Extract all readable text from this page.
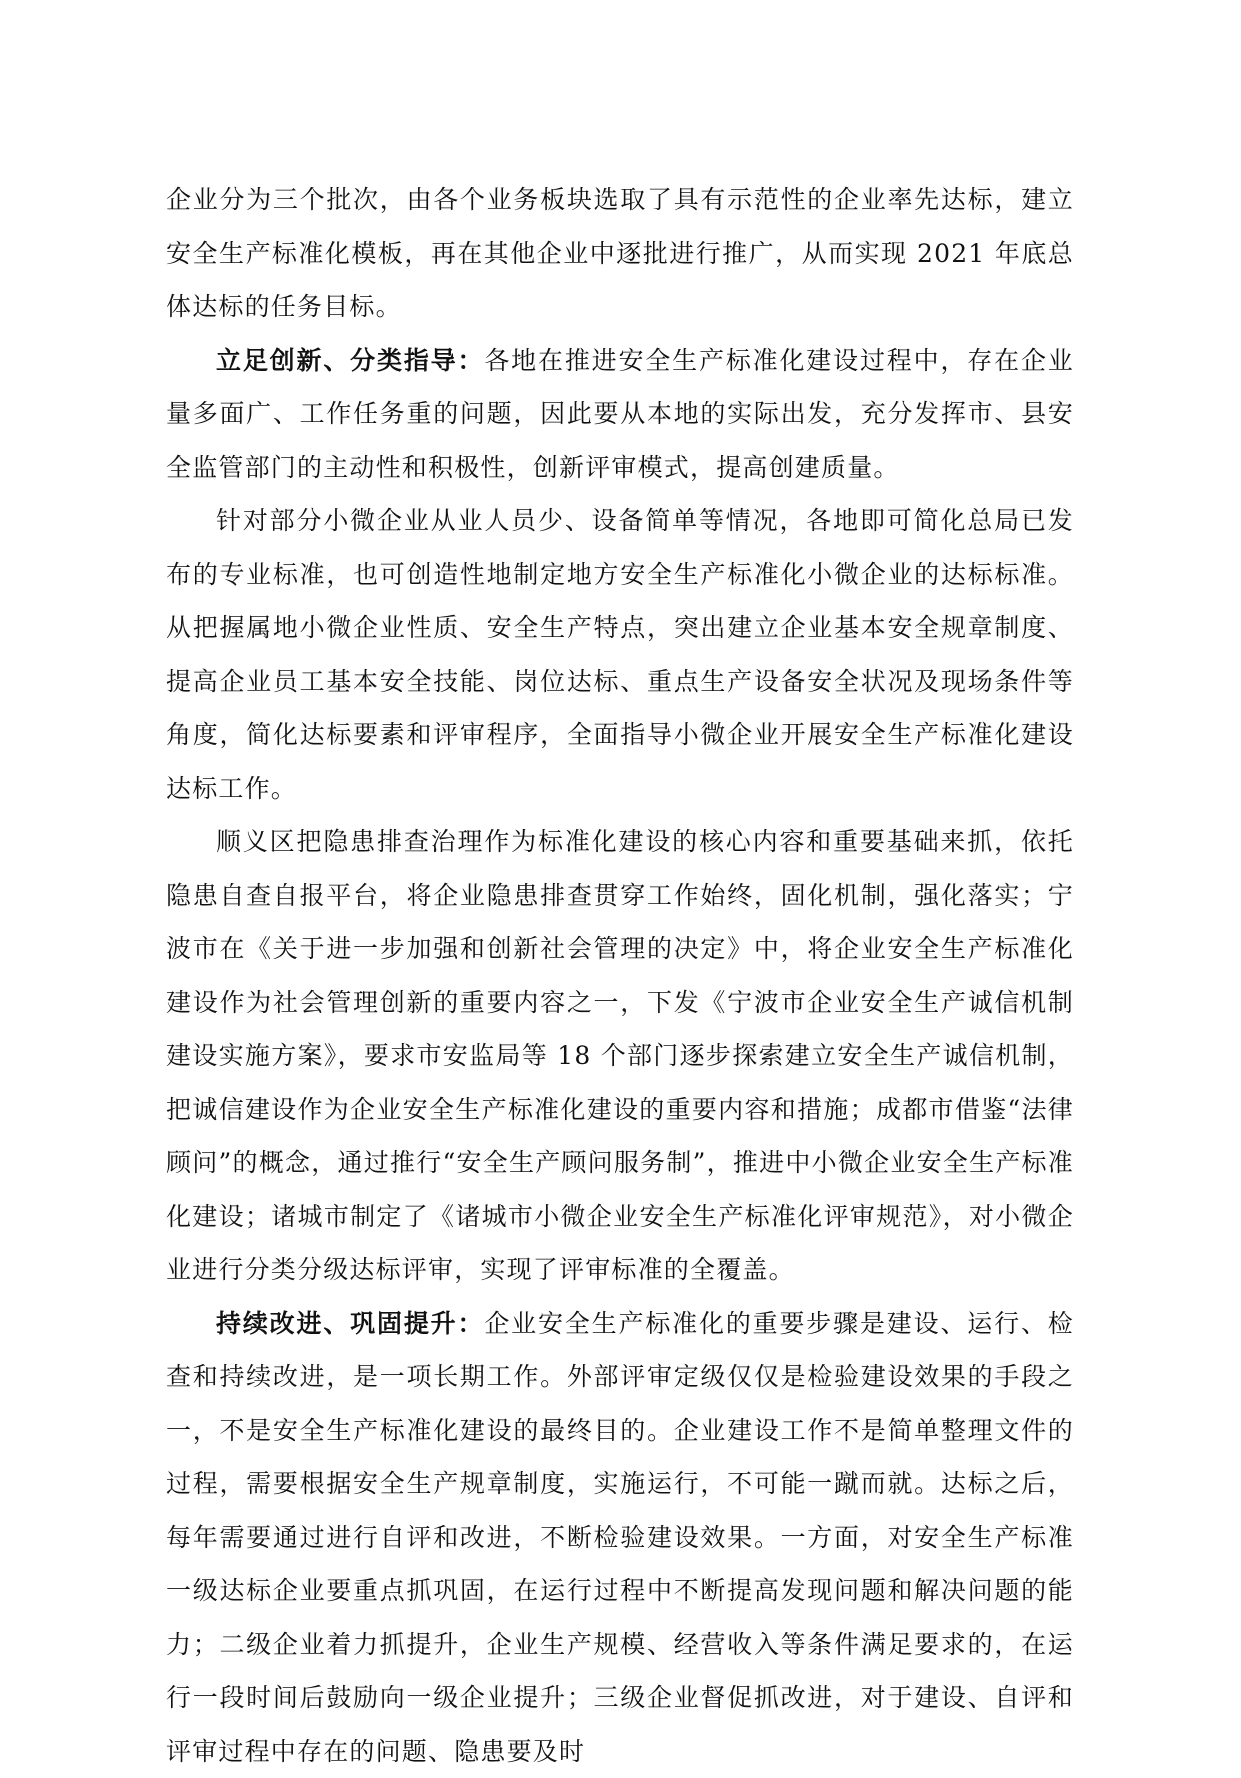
企业分为三个批次，由各个业务板块选取了具有示范性的企业率先达标，建立安全生产标准化模板，再在其他企业中逐批进行推广，从而实现 2021 年底总体达标的任务目标。

立足创新、分类指导：各地在推进安全生产标准化建设过程中，存在企业量多面广、工作任务重的问题，因此要从本地的实际出发，充分发挥市、县安全监管部门的主动性和积极性，创新评审模式，提高创建质量。

针对部分小微企业从业人员少、设备简单等情况，各地即可简化总局已发布的专业标准，也可创造性地制定地方安全生产标准化小微企业的达标标准。从把握属地小微企业性质、安全生产特点，突出建立企业基本安全规章制度、提高企业员工基本安全技能、岗位达标、重点生产设备安全状况及现场条件等角度，简化达标要素和评审程序，全面指导小微企业开展安全生产标准化建设达标工作。

顺义区把隐患排查治理作为标准化建设的核心内容和重要基础来抓，依托隐患自查自报平台，将企业隐患排查贯穿工作始终，固化机制，强化落实；宁波市在《关于进一步加强和创新社会管理的决定》中，将企业安全生产标准化建设作为社会管理创新的重要内容之一，下发《宁波市企业安全生产诚信机制建设实施方案》，要求市安监局等 18 个部门逐步探索建立安全生产诚信机制，把诚信建设作为企业安全生产标准化建设的重要内容和措施；成都市借鉴“法律顾问”的概念，通过推行“安全生产顾问服务制”，推进中小微企业安全生产标准化建设；诸城市制定了《诸城市小微企业安全生产标准化评审规范》，对小微企业进行分类分级达标评审，实现了评审标准的全覆盖。

持续改进、巩固提升：企业安全生产标准化的重要步骤是建设、运行、检查和持续改进，是一项长期工作。外部评审定级仅仅是检验建设效果的手段之一，不是安全生产标准化建设的最终目的。企业建设工作不是简单整理文件的过程，需要根据安全生产规章制度，实施运行，不可能一蹴而就。达标之后，每年需要通过进行自评和改进，不断检验建设效果。一方面，对安全生产标准一级达标企业要重点抓巩固，在运行过程中不断提高发现问题和解决问题的能力；二级企业着力抓提升，企业生产规模、经营收入等条件满足要求的，在运行一段时间后鼓励向一级企业提升；三级企业督促抓改进，对于建设、自评和评审过程中存在的问题、隐患要及时
